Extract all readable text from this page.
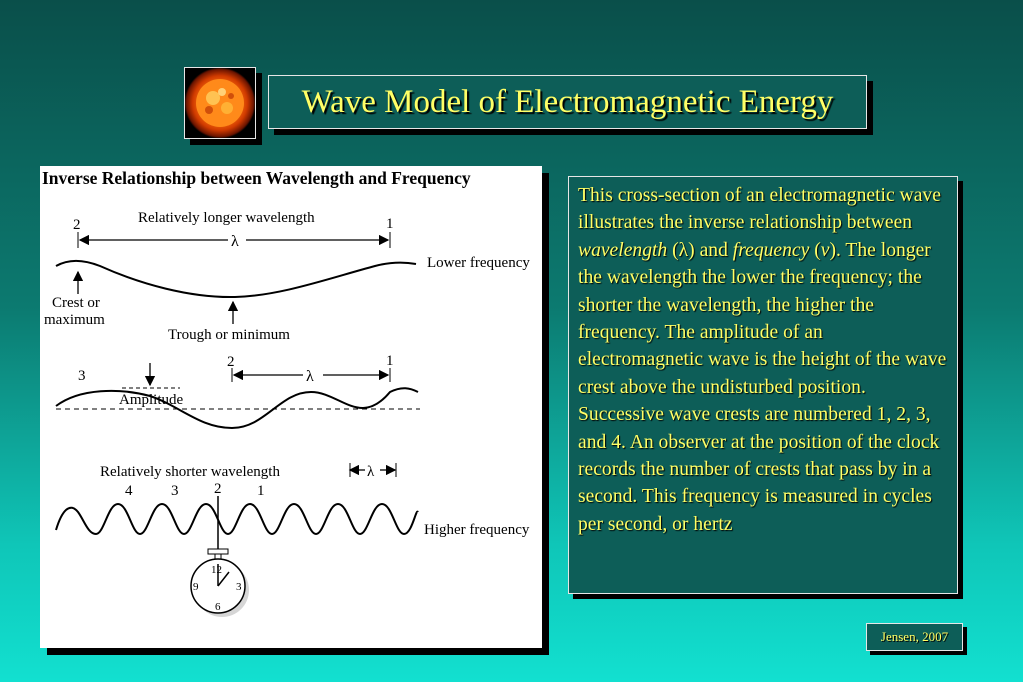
Wave Model of Electromagnetic Energy
Inverse Relationship between Wavelength and Frequency
Relatively longer wavelength
2	1
λ
Lower frequency
Crest or
maximum
Trough or minimum
3
2	1
λ
Amplitude
Relatively shorter wavelength	λ
4	3 2 1
Higher frequency
12
3
6
9

This cross-section of an electromagnetic wave illustrates the inverse relationship between wavelength (λ) and frequency (ν). The longer the wavelength the lower the frequency; the shorter the wavelength, the higher the frequency. The amplitude of an electromagnetic wave is the height of the wave crest above the undisturbed position. Successive wave crests are numbered 1, 2, 3, and 4. An observer at the position of the clock records the number of crests that pass by in a second. This frequency is measured in cycles per second, or hertz

Jensen, 2007
